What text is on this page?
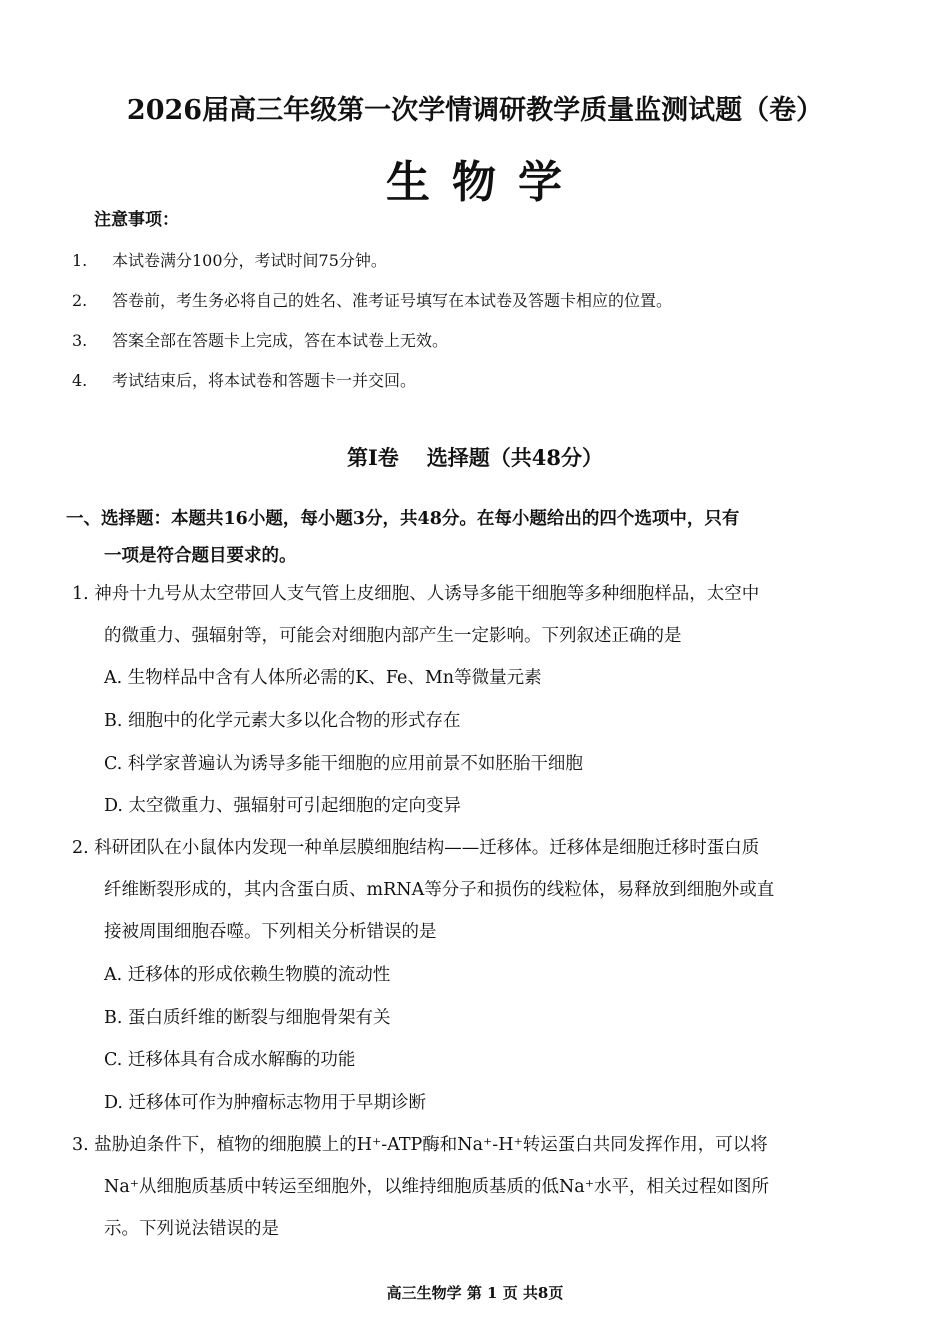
2026届高三年级第一次学情调研教学质量监测试题（卷）
生物学
注意事项：
1. 本试卷满分100分，考试时间75分钟。
2. 答卷前，考生务必将自己的姓名、准考证号填写在本试卷及答题卡相应的位置。
3. 答案全部在答题卡上完成，答在本试卷上无效。
4. 考试结束后，将本试卷和答题卡一并交回。
第Ⅰ卷 选择题（共48分）
一、选择题：本题共16小题，每小题3分，共48分。在每小题给出的四个选项中，只有
一项是符合题目要求的。
1. 神舟十九号从太空带回人支气管上皮细胞、人诱导多能干细胞等多种细胞样品，太空中
的微重力、强辐射等，可能会对细胞内部产生一定影响。下列叙述正确的是
A. 生物样品中含有人体所必需的K、Fe、Mn等微量元素
B. 细胞中的化学元素大多以化合物的形式存在
C. 科学家普遍认为诱导多能干细胞的应用前景不如胚胎干细胞
D. 太空微重力、强辐射可引起细胞的定向变异
2. 科研团队在小鼠体内发现一种单层膜细胞结构——迁移体。迁移体是细胞迁移时蛋白质
纤维断裂形成的，其内含蛋白质、mRNA等分子和损伤的线粒体，易释放到细胞外或直
接被周围细胞吞噬。下列相关分析错误的是
A. 迁移体的形成依赖生物膜的流动性
B. 蛋白质纤维的断裂与细胞骨架有关
C. 迁移体具有合成水解酶的功能
D. 迁移体可作为肿瘤标志物用于早期诊断
3. 盐胁迫条件下，植物的细胞膜上的H⁺-ATP酶和Na⁺-H⁺转运蛋白共同发挥作用，可以将
Na⁺从细胞质基质中转运至细胞外，以维持细胞质基质的低Na⁺水平，相关过程如图所
示。下列说法错误的是
高三生物学 第 1 页 共8页
